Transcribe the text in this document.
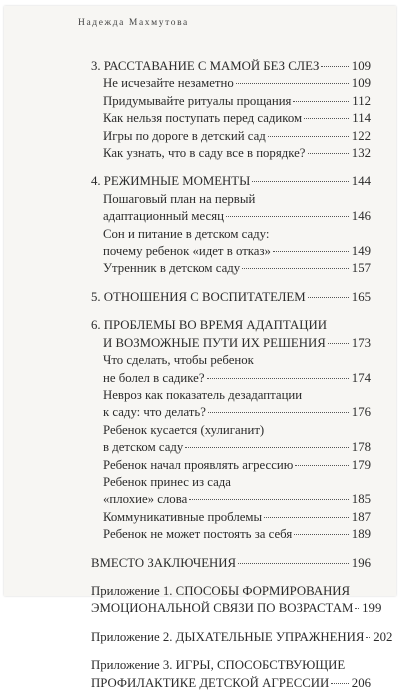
Надежда Махмутова
3. РАССТАВАНИЕ С МАМОЙ БЕЗ СЛЕЗ	109
Не исчезайте незаметно	109
Придумывайте ритуалы прощания	112
Как нельзя поступать перед садиком	114
Игры по дороге в детский сад	122
Как узнать, что в саду все в порядке?	132
4. РЕЖИМНЫЕ МОМЕНТЫ	144
Пошаговый план на первый
адаптационный месяц	146
Сон и питание в детском саду:
почему ребенок «идет в отказ»	149
Утренник в детском саду	157
5. ОТНОШЕНИЯ С ВОСПИТАТЕЛЕМ	165
6. ПРОБЛЕМЫ ВО ВРЕМЯ АДАПТАЦИИ
И ВОЗМОЖНЫЕ ПУТИ ИХ РЕШЕНИЯ 173
Что сделать, чтобы ребенок
не болел в садике?	174
Невроз как показатель дезадаптации
к саду: что делать?	176
Ребенок кусается (хулиганит)
в детском саду	178
Ребенок начал проявлять агрессию	179
Ребенок принес из сада
«плохие» слова	185
Коммуникативные проблемы	187
Ребенок не может постоять за себя	189
ВМЕСТО ЗАКЛЮЧЕНИЯ	196
Приложение 1. СПОСОБЫ ФОРМИРОВАНИЯ
ЭМОЦИОНАЛЬНОЙ СВЯЗИ ПО ВОЗРАСТАМ 199
Приложение 2. ДЫХАТЕЛЬНЫЕ УПРАЖНЕНИЯ 202
Приложение 3. ИГРЫ, СПОСОБСТВУЮЩИЕ
ПРОФИЛАКТИКЕ ДЕТСКОЙ АГРЕССИИ 206
